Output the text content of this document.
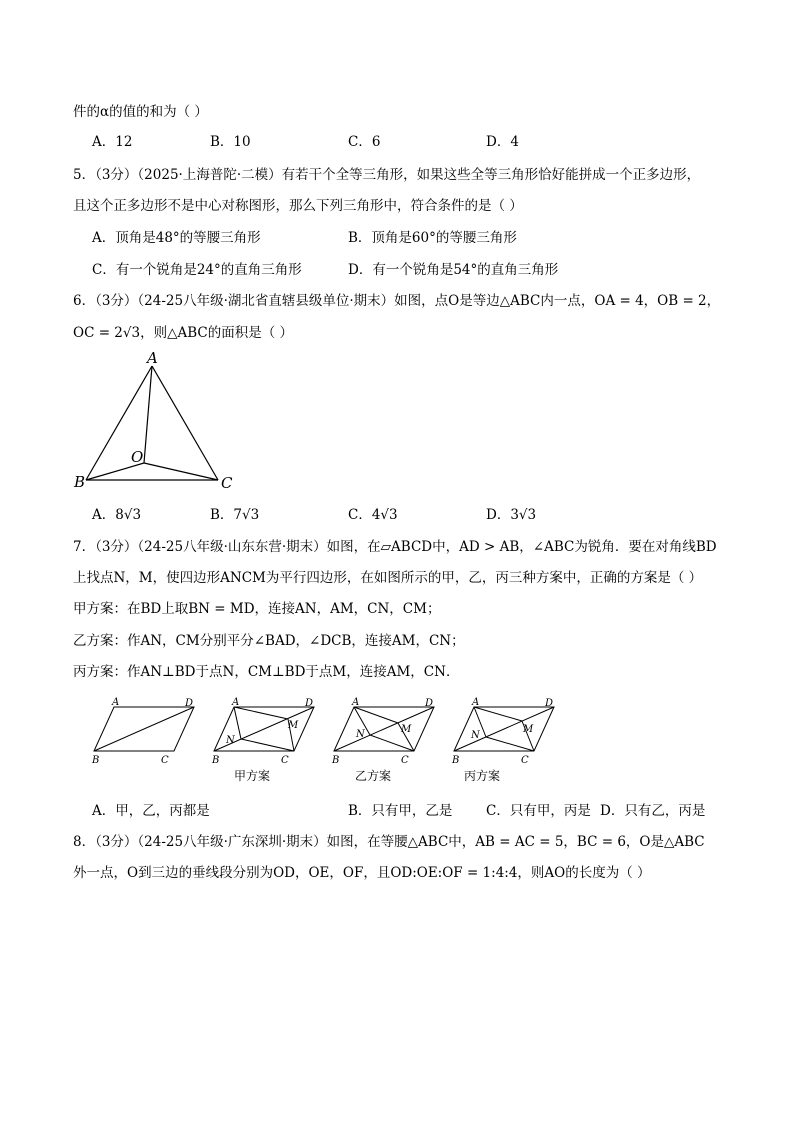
件的α的值的和为（ ）
A．12	B．10	C．6	D．4
5．（3分）（2025·上海普陀·二模）有若干个全等三角形，如果这些全等三角形恰好能拼成一个正多边形，
且这个正多边形不是中心对称图形，那么下列三角形中，符合条件的是（ ）
A．顶角是48°的等腰三角形	B．顶角是60°的等腰三角形
C．有一个锐角是24°的直角三角形	D．有一个锐角是54°的直角三角形
6．（3分）（24-25八年级·湖北省直辖县级单位·期末）如图，点O是等边△ABC内一点，OA = 4，OB = 2，
OC = 2√3，则△ABC的面积是（ ）
A
B	C
O
A．8√3	B．7√3	C．4√3	D．3√3
7．（3分）（24-25八年级·山东东营·期末）如图，在▱ABCD中，AD > AB，∠ABC为锐角．要在对角线BD
上找点N，M，使四边形ANCM为平行四边形，在如图所示的甲，乙，丙三种方案中，正确的方案是（ ）
甲方案：在BD上取BN = MD，连接AN，AM，CN，CM；
乙方案：作AN，CM分别平分∠BAD，∠DCB，连接AM，CN；
丙方案：作AN⊥BD于点N，CM⊥BD于点M，连接AM，CN．
A	D
B	C
A	D
B	C
N
M
甲方案
A	D
B	C
N	M
乙方案
A	D
B	C
N
M
丙方案
A．甲，乙，丙都是	B．只有甲，乙是 C．只有甲，丙是 D．只有乙，丙是
8．（3分）（24-25八年级·广东深圳·期末）如图，在等腰△ABC中，AB = AC = 5，BC = 6，O是△ABC
外一点，O到三边的垂线段分别为OD，OE，OF，且OD:OE:OF = 1:4:4，则AO的长度为（ ）
